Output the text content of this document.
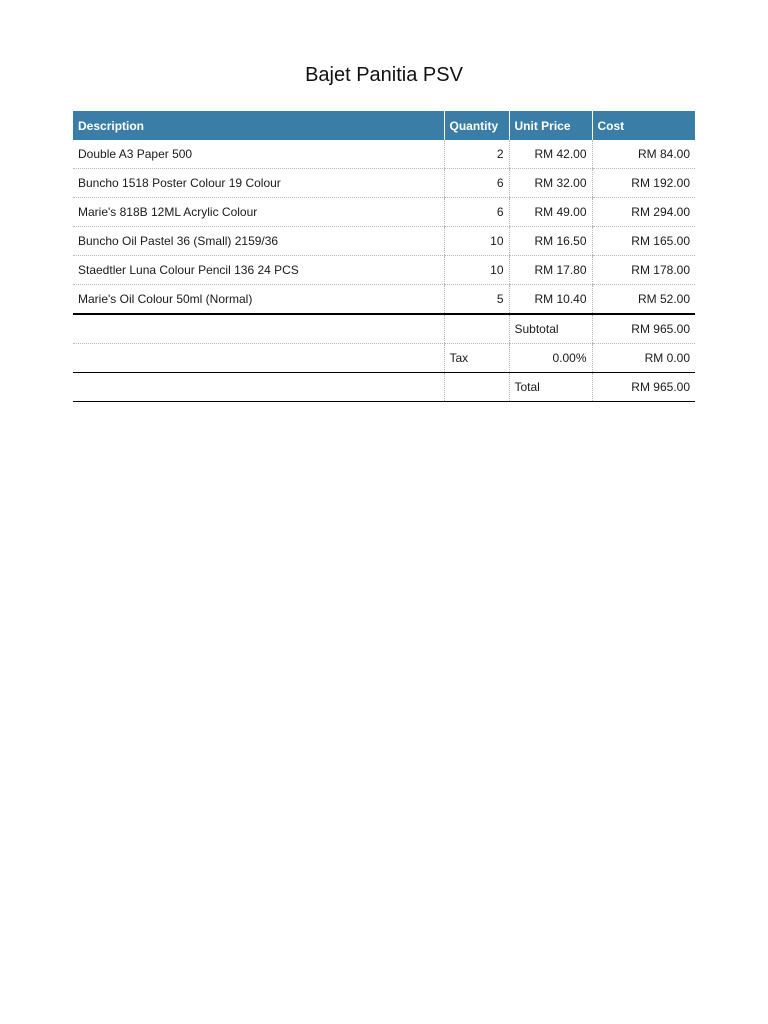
Bajet Panitia PSV
Description	Quantity	Unit Price	Cost
Double A3 Paper 500	2	RM 42.00	RM 84.00
Buncho 1518 Poster Colour 19 Colour	6	RM 32.00	RM 192.00
Marie's 818B 12ML Acrylic Colour	6	RM 49.00	RM 294.00
Buncho Oil Pastel 36 (Small) 2159/36	10	RM 16.50	RM 165.00
Staedtler Luna Colour Pencil 136 24 PCS	10	RM 17.80	RM 178.00
Marie's Oil Colour 50ml (Normal)	5	RM 10.40	RM 52.00
		Subtotal	RM 965.00
	Tax	0.00%	RM 0.00
		Total	RM 965.00
